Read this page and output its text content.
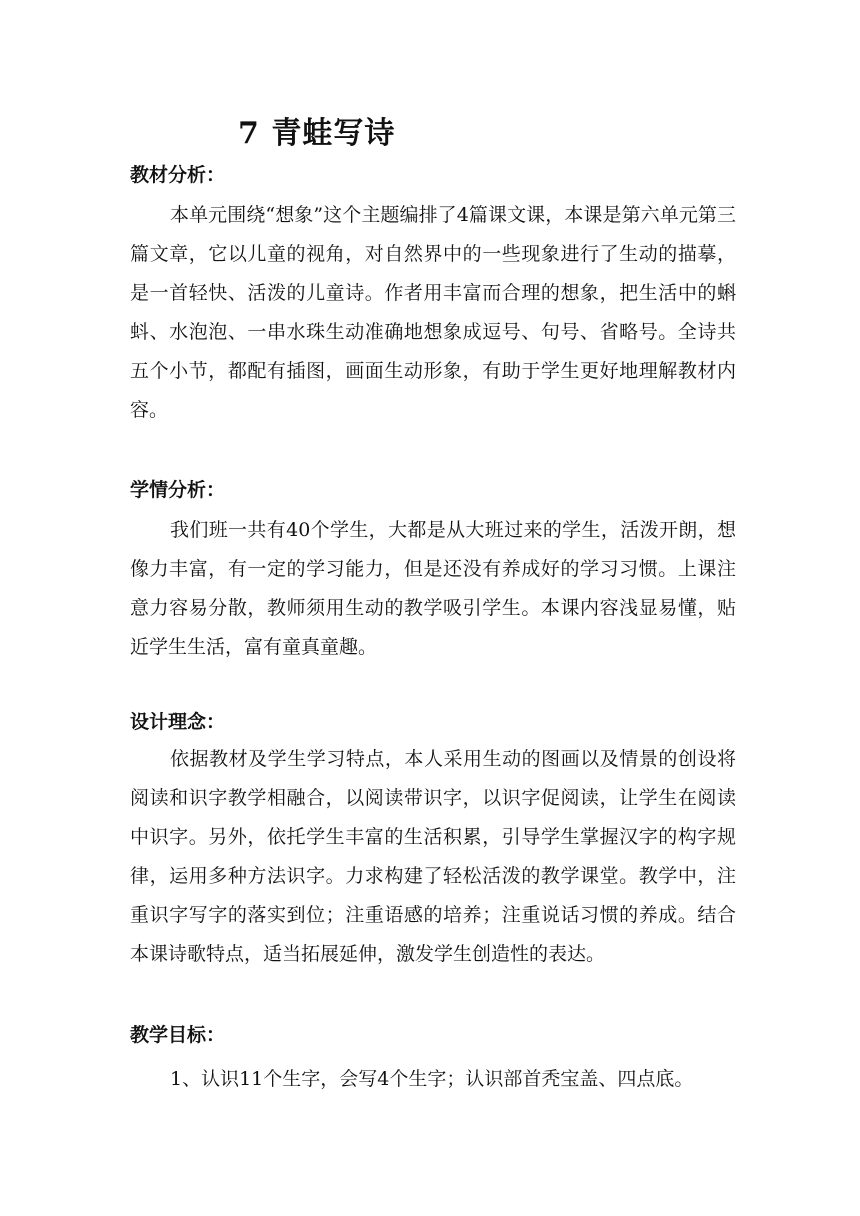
7 青蛙写诗
教材分析：
本单元围绕“想象”这个主题编排了4篇课文课，本课是第六单元第三篇文章，它以儿童的视角，对自然界中的一些现象进行了生动的描摹，是一首轻快、活泼的儿童诗。作者用丰富而合理的想象，把生活中的蝌蚪、水泡泡、一串水珠生动准确地想象成逗号、句号、省略号。全诗共五个小节，都配有插图，画面生动形象，有助于学生更好地理解教材内容。
学情分析：
我们班一共有40个学生，大都是从大班过来的学生，活泼开朗，想像力丰富，有一定的学习能力，但是还没有养成好的学习习惯。上课注意力容易分散，教师须用生动的教学吸引学生。本课内容浅显易懂，贴近学生生活，富有童真童趣。
设计理念：
依据教材及学生学习特点，本人采用生动的图画以及情景的创设将阅读和识字教学相融合，以阅读带识字，以识字促阅读，让学生在阅读中识字。另外，依托学生丰富的生活积累，引导学生掌握汉字的构字规律，运用多种方法识字。力求构建了轻松活泼的教学课堂。教学中，注重识字写字的落实到位；注重语感的培养；注重说话习惯的养成。结合本课诗歌特点，适当拓展延伸，激发学生创造性的表达。
教学目标：
1、认识11个生字，会写4个生字；认识部首秃宝盖、四点底。
